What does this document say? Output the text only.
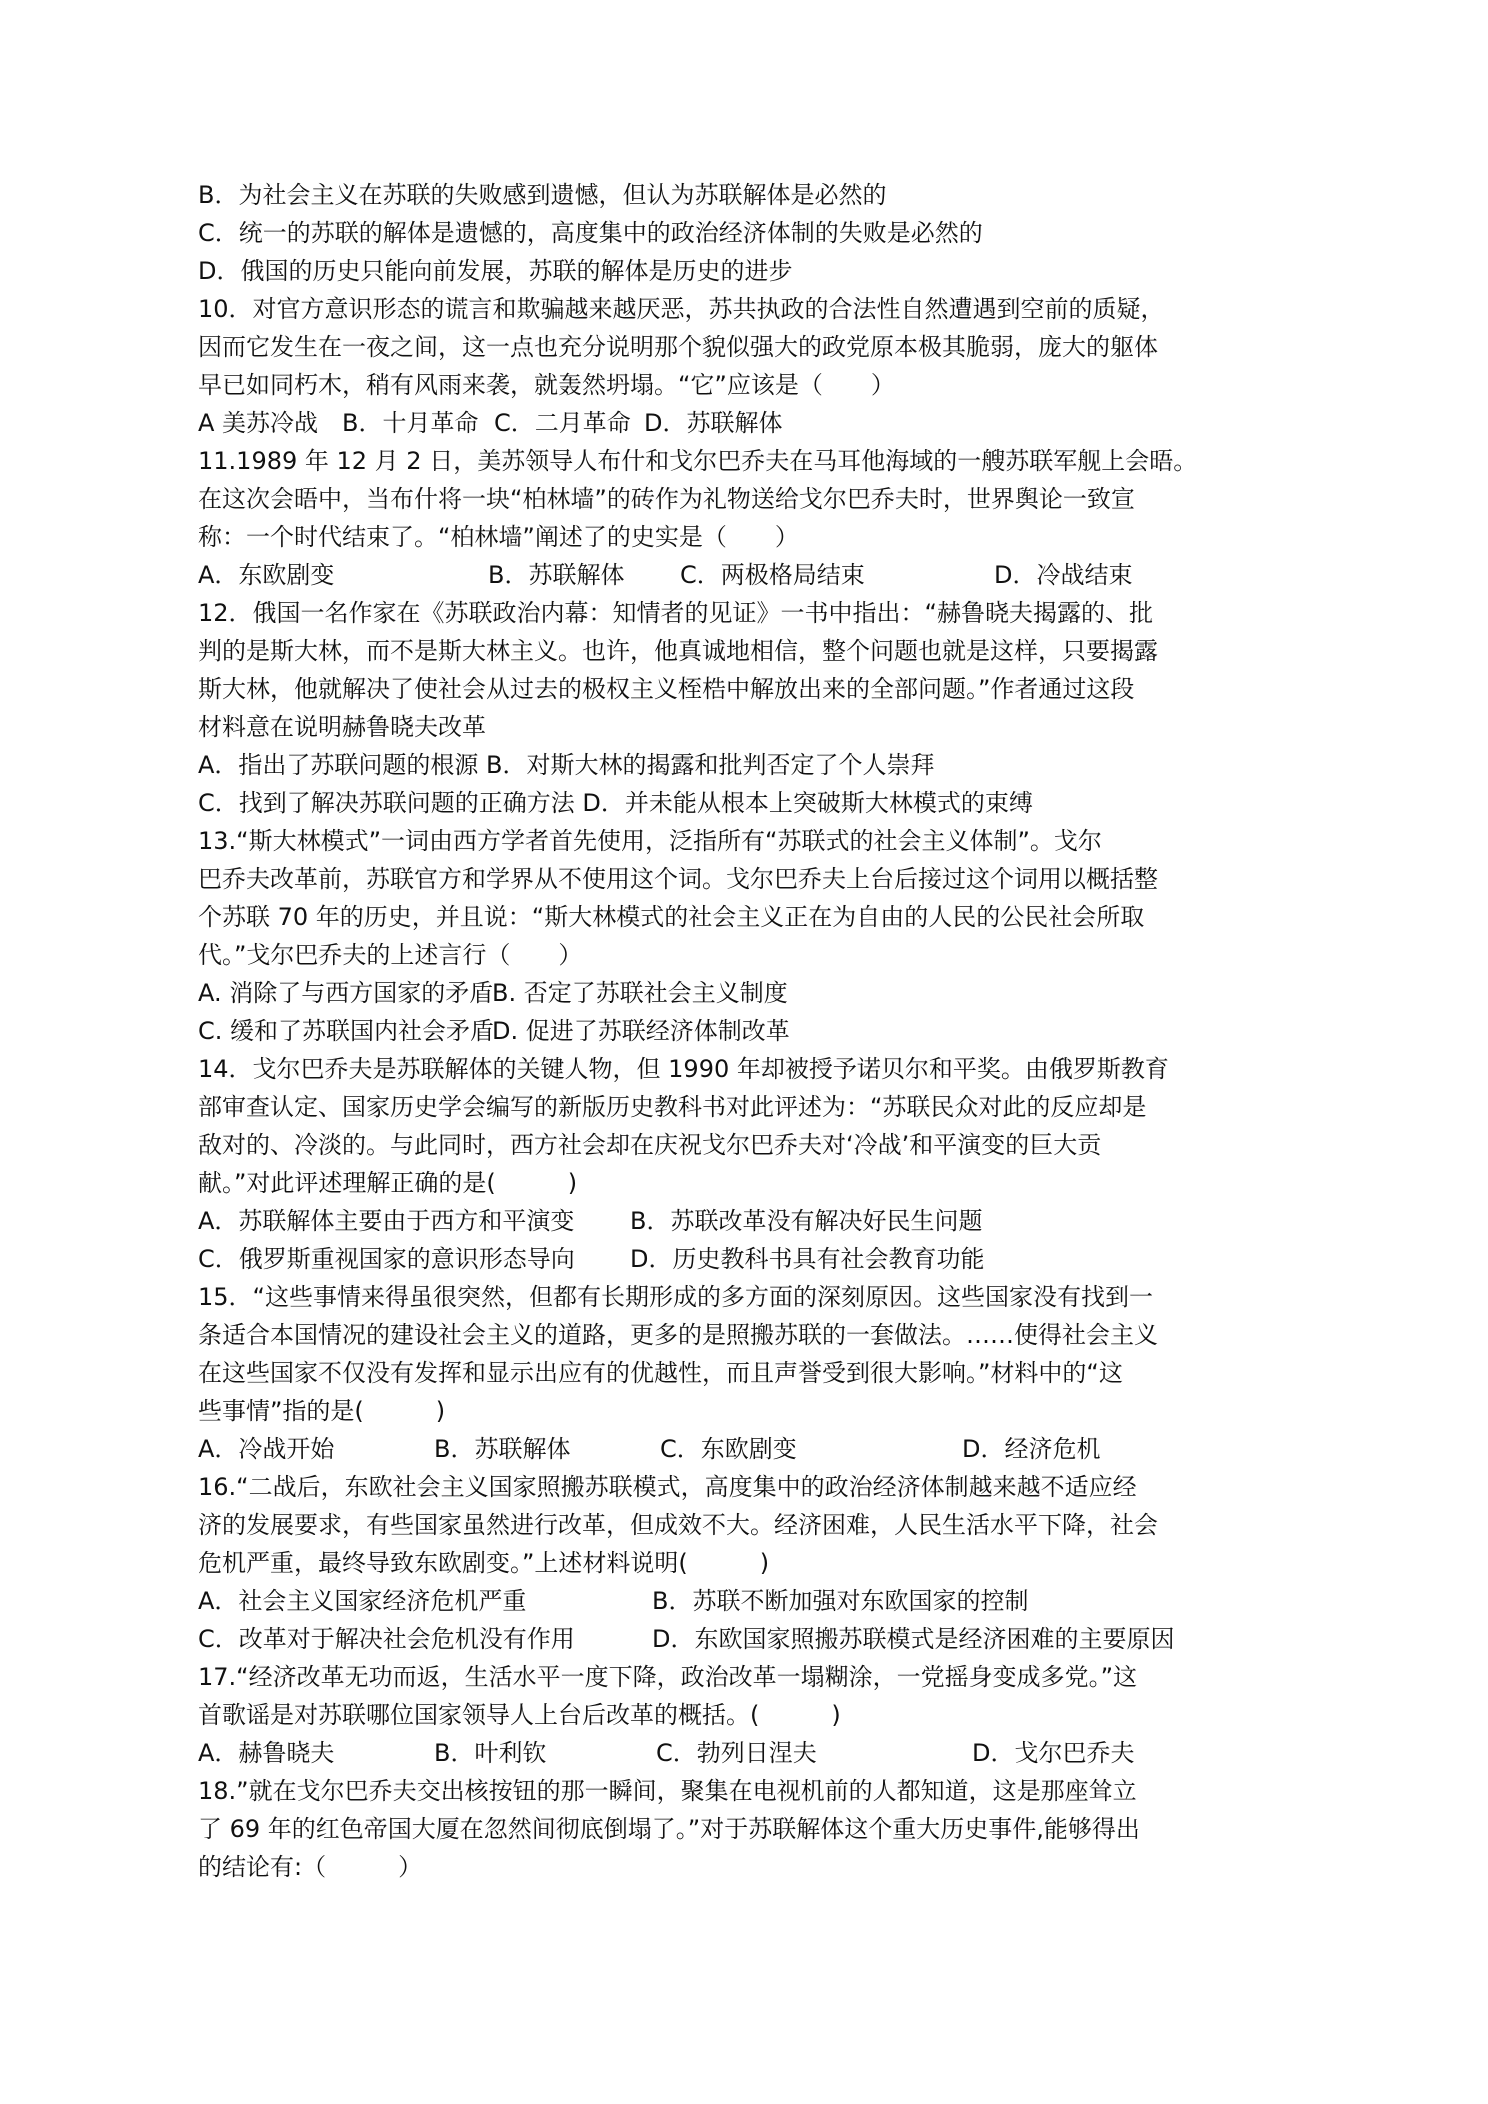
B．为社会主义在苏联的失败感到遗憾，但认为苏联解体是必然的
C．统一的苏联的解体是遗憾的，高度集中的政治经济体制的失败是必然的
D．俄国的历史只能向前发展，苏联的解体是历史的进步
10．对官方意识形态的谎言和欺骗越来越厌恶，苏共执政的合法性自然遭遇到空前的质疑，
因而它发生在一夜之间，这一点也充分说明那个貌似强大的政党原本极其脆弱，庞大的躯体
早已如同朽木，稍有风雨来袭，就轰然坍塌。“它”应该是（　　）
A 美苏冷战 B．十月革命 C．二月革命 D．苏联解体
11.1989 年 12 月 2 日，美苏领导人布什和戈尔巴乔夫在马耳他海域的一艘苏联军舰上会晤。
在这次会晤中，当布什将一块“柏林墙”的砖作为礼物送给戈尔巴乔夫时，世界舆论一致宣
称：一个时代结束了。“柏林墙”阐述了的史实是（　　）
A．东欧剧变	B．苏联解体	C．两极格局结束	D．冷战结束
12．俄国一名作家在《苏联政治内幕：知情者的见证》一书中指出：“赫鲁晓夫揭露的、批
判的是斯大林，而不是斯大林主义。也许，他真诚地相信，整个问题也就是这样，只要揭露
斯大林，他就解决了使社会从过去的极权主义桎梏中解放出来的全部问题。”作者通过这段
材料意在说明赫鲁晓夫改革
A．指出了苏联问题的根源 B．对斯大林的揭露和批判否定了个人崇拜
C．找到了解决苏联问题的正确方法 D．并未能从根本上突破斯大林模式的束缚
13.“斯大林模式”一词由西方学者首先使用，泛指所有“苏联式的社会主义体制”。戈尔
巴乔夫改革前，苏联官方和学界从不使用这个词。戈尔巴乔夫上台后接过这个词用以概括整
个苏联 70 年的历史，并且说：“斯大林模式的社会主义正在为自由的人民的公民社会所取
代。”戈尔巴乔夫的上述言行（　　）
A. 消除了与西方国家的矛盾
B. 否定了苏联社会主义制度
C. 缓和了苏联国内社会矛盾
D. 促进了苏联经济体制改革
14．戈尔巴乔夫是苏联解体的关键人物，但 1990 年却被授予诺贝尔和平奖。由俄罗斯教育
部审查认定、国家历史学会编写的新版历史教科书对此评述为：“苏联民众对此的反应却是
敌对的、冷淡的。与此同时，西方社会却在庆祝戈尔巴乔夫对‘冷战’和平演变的巨大贡
献。”对此评述理解正确的是(　　　)
A．苏联解体主要由于西方和平演变	B．苏联改革没有解决好民生问题
C．俄罗斯重视国家的意识形态导向	D．历史教科书具有社会教育功能
15．“这些事情来得虽很突然，但都有长期形成的多方面的深刻原因。这些国家没有找到一
条适合本国情况的建设社会主义的道路，更多的是照搬苏联的一套做法。……使得社会主义
在这些国家不仅没有发挥和显示出应有的优越性，而且声誉受到很大影响。”材料中的“这
些事情”指的是(　　　)
A．冷战开始	B．苏联解体	C．东欧剧变	D．经济危机
16.“二战后，东欧社会主义国家照搬苏联模式，高度集中的政治经济体制越来越不适应经
济的发展要求，有些国家虽然进行改革，但成效不大。经济困难，人民生活水平下降，社会
危机严重，最终导致东欧剧变。”上述材料说明(　　　)
A．社会主义国家经济危机严重	B．苏联不断加强对东欧国家的控制
C．改革对于解决社会危机没有作用	D．东欧国家照搬苏联模式是经济困难的主要原因
17.“经济改革无功而返，生活水平一度下降，政治改革一塌糊涂，一党摇身变成多党。”这
首歌谣是对苏联哪位国家领导人上台后改革的概括。(　　　)
A．赫鲁晓夫	B．叶利钦	C．勃列日涅夫	D．戈尔巴乔夫
18.”就在戈尔巴乔夫交出核按钮的那一瞬间，聚集在电视机前的人都知道，这是那座耸立
了 69 年的红色帝国大厦在忽然间彻底倒塌了。”对于苏联解体这个重大历史事件,能够得出
的结论有:（　　　）
